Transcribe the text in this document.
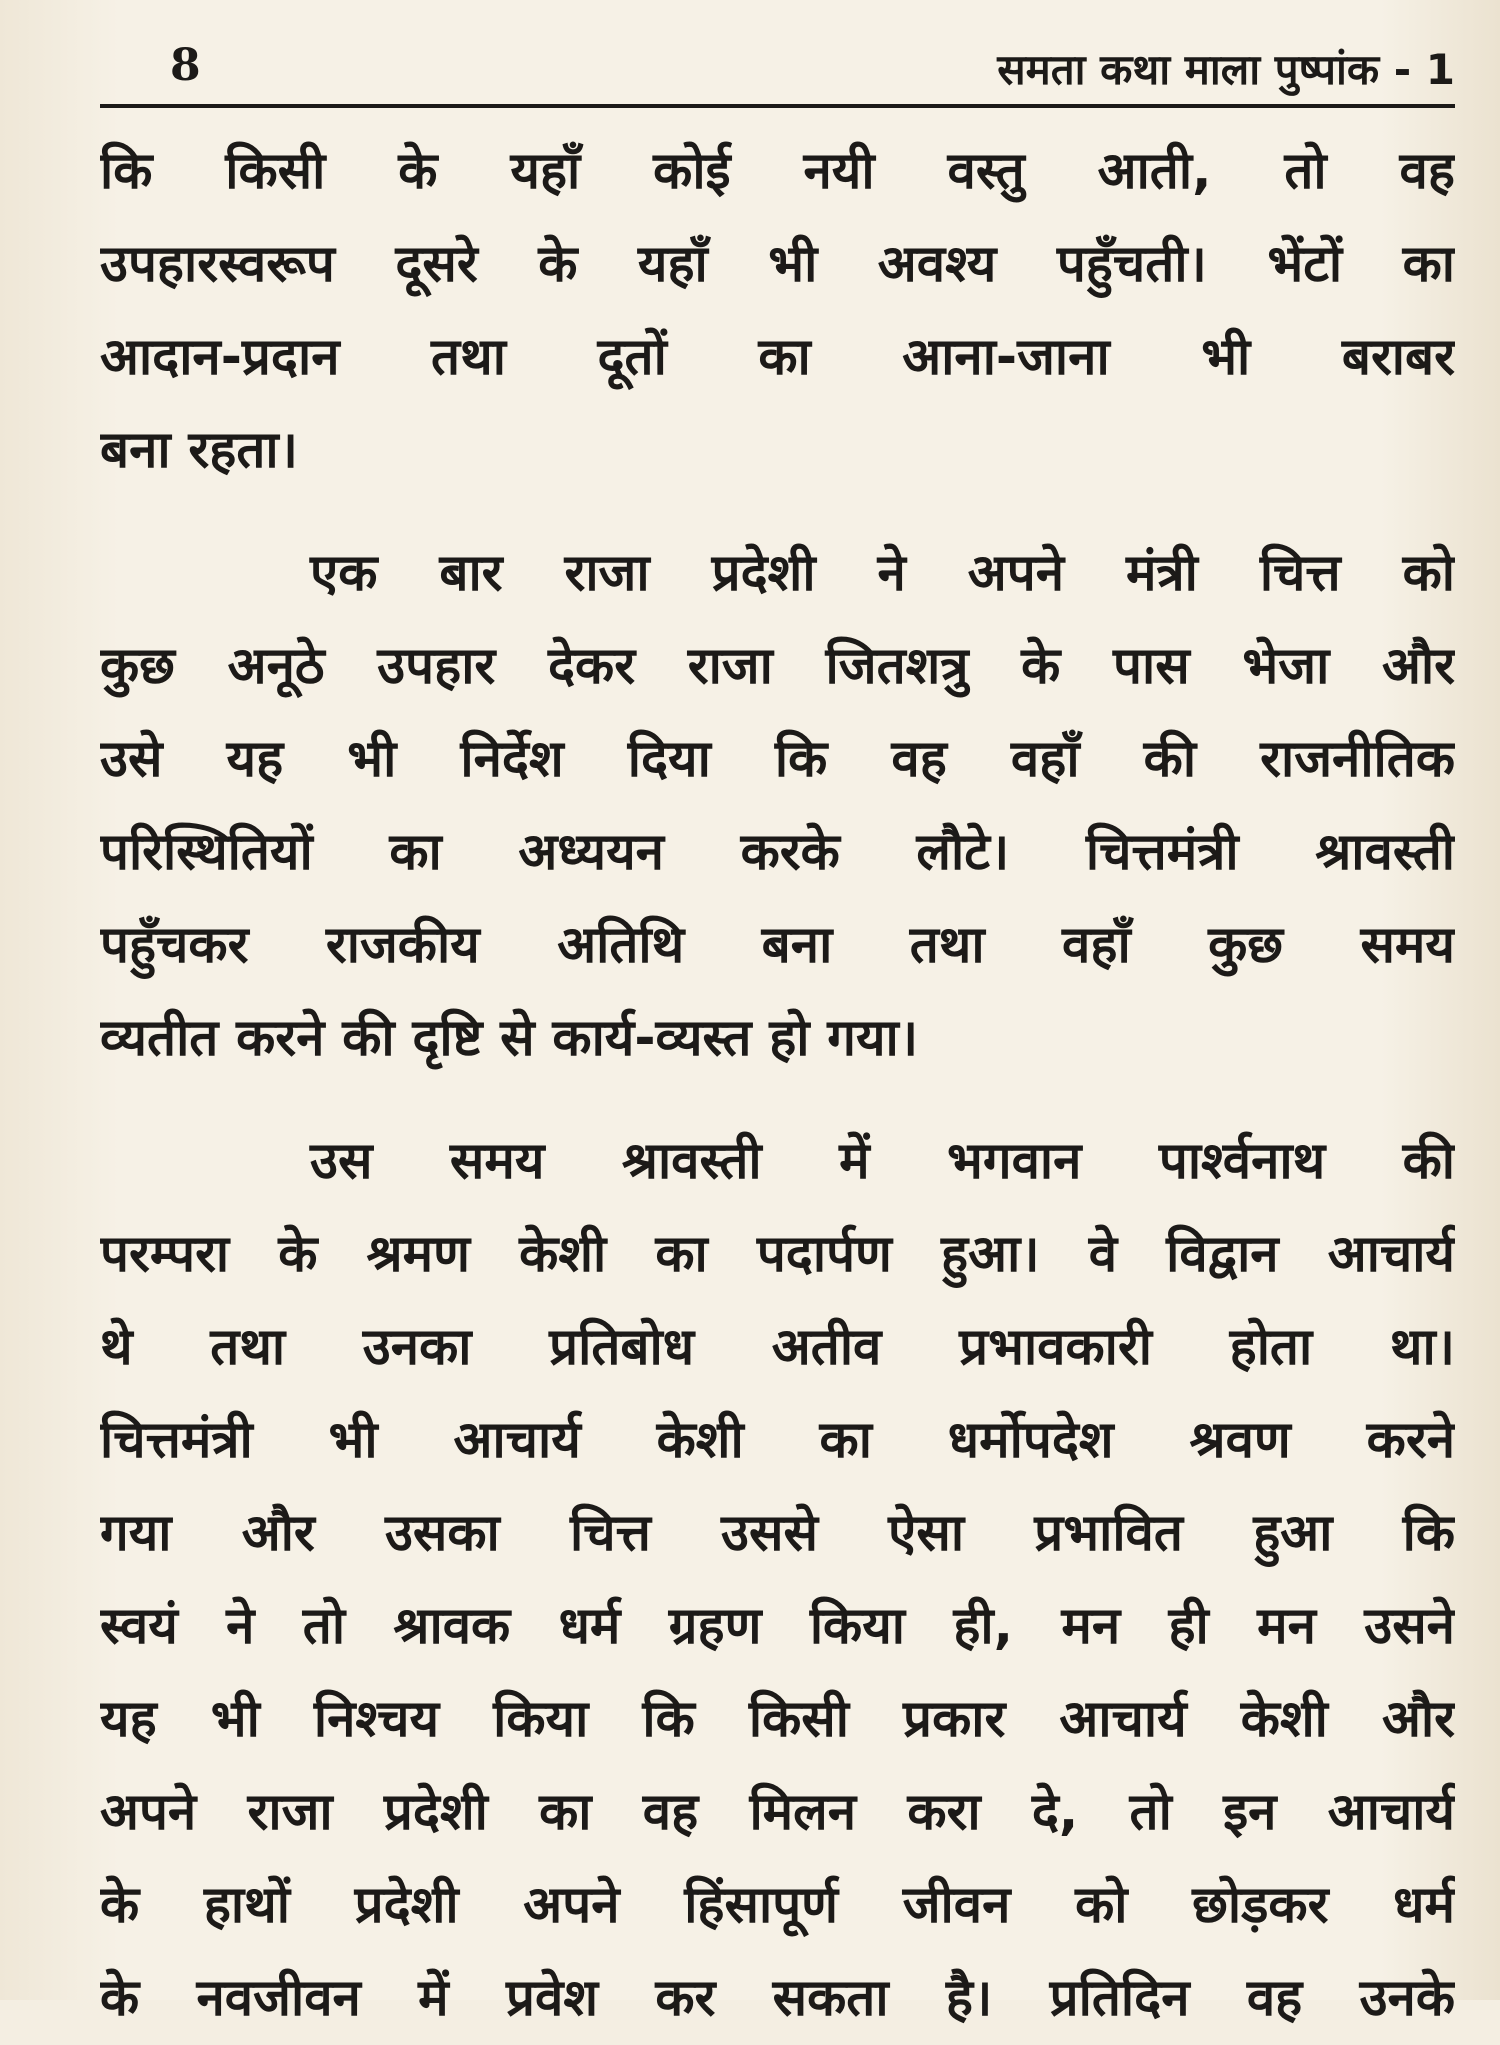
8	समता कथा माला पुष्पांक - 1
कि किसी के यहाँ कोई नयी वस्तु आती, तो वह
उपहारस्वरूप दूसरे के यहाँ भी अवश्य पहुँचती। भेंटों का
आदान-प्रदान तथा दूतों का आना-जाना भी बराबर
बना रहता।
एक बार राजा प्रदेशी ने अपने मंत्री चित्त को
कुछ अनूठे उपहार देकर राजा जितशत्रु के पास भेजा और
उसे यह भी निर्देश दिया कि वह वहाँ की राजनीतिक
परिस्थितियों का अध्ययन करके लौटे। चित्तमंत्री श्रावस्ती
पहुँचकर राजकीय अतिथि बना तथा वहाँ कुछ समय
व्यतीत करने की दृष्टि से कार्य-व्यस्त हो गया।
उस समय श्रावस्ती में भगवान पार्श्वनाथ की
परम्परा के श्रमण केशी का पदार्पण हुआ। वे विद्वान आचार्य
थे तथा उनका प्रतिबोध अतीव प्रभावकारी होता था।
चित्तमंत्री भी आचार्य केशी का धर्मोपदेश श्रवण करने
गया और उसका चित्त उससे ऐसा प्रभावित हुआ कि
स्वयं ने तो श्रावक धर्म ग्रहण किया ही, मन ही मन उसने
यह भी निश्चय किया कि किसी प्रकार आचार्य केशी और
अपने राजा प्रदेशी का वह मिलन करा दे, तो इन आचार्य
के हाथों प्रदेशी अपने हिंसापूर्ण जीवन को छोड़कर धर्म
के नवजीवन में प्रवेश कर सकता है। प्रतिदिन वह उनके
